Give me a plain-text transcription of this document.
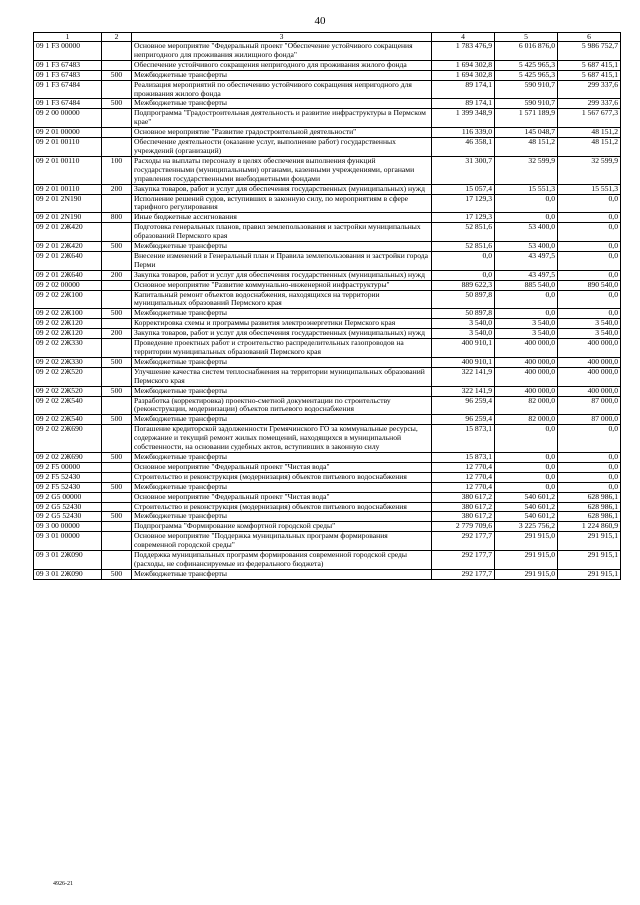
40
1	2	3	4	5	6
09 1 F3 00000		Основное мероприятие "Федеральный проект "Обеспечение устойчивого сокращения непригодного для проживания жилищного фонда"	1 783 476,9	6 016 876,0	5 986 752,7
09 1 F3 67483		Обеспечение устойчивого сокращения непригодного для проживания жилого фонда	1 694 302,8	5 425 965,3	5 687 415,1
09 1 F3 67483	500	Межбюджетные трансферты	1 694 302,8	5 425 965,3	5 687 415,1
09 1 F3 67484		Реализация мероприятий по обеспечению устойчивого сокращения непригодного для проживания жилого фонда	89 174,1	590 910,7	299 337,6
09 1 F3 67484	500	Межбюджетные трансферты	89 174,1	590 910,7	299 337,6
09 2 00 00000		Подпрограмма "Градостроительная деятельность и развитие инфраструктуры в Пермском крае"	1 399 348,9	1 571 189,9	1 567 677,3
09 2 01 00000		Основное мероприятие "Развитие градостроительной деятельности"	116 339,0	145 048,7	48 151,2
09 2 01 00110		Обеспечение деятельности (оказание услуг, выполнение работ) государственных учреждений (организаций)	46 358,1	48 151,2	48 151,2
09 2 01 00110	100	Расходы на выплаты персоналу в целях обеспечения выполнения функций государственными (муниципальными) органами, казенными учреждениями, органами управления государственными внебюджетными фондами	31 300,7	32 599,9	32 599,9
09 2 01 00110	200	Закупка товаров, работ и услуг для обеспечения государственных (муниципальных) нужд	15 057,4	15 551,3	15 551,3
09 2 01 2N190		Исполнение решений судов, вступивших в законную силу, по мероприятиям в сфере тарифного регулирования	17 129,3	0,0	0,0
09 2 01 2N190	800	Иные бюджетные ассигнования	17 129,3	0,0	0,0
09 2 01 2Ж420		Подготовка генеральных планов, правил землепользования и застройки муниципальных образований Пермского края	52 851,6	53 400,0	0,0
09 2 01 2Ж420	500	Межбюджетные трансферты	52 851,6	53 400,0	0,0
09 2 01 2Ж640		Внесение изменений в Генеральный план и Правила землепользования и застройки города Перми	0,0	43 497,5	0,0
09 2 01 2Ж640	200	Закупка товаров, работ и услуг для обеспечения государственных (муниципальных) нужд	0,0	43 497,5	0,0
09 2 02 00000		Основное мероприятие "Развитие коммунально-инженерной инфраструктуры"	889 622,3	885 540,0	890 540,0
09 2 02 2Ж100		Капитальный ремонт объектов водоснабжения, находящихся на территории муниципальных образований Пермского края	50 897,8	0,0	0,0
09 2 02 2Ж100	500	Межбюджетные трансферты	50 897,8	0,0	0,0
09 2 02 2Ж120		Корректировка схемы и программы развития электроэнергетики Пермского края	3 540,0	3 540,0	3 540,0
09 2 02 2Ж120	200	Закупка товаров, работ и услуг для обеспечения государственных (муниципальных) нужд	3 540,0	3 540,0	3 540,0
09 2 02 2Ж330		Проведение проектных работ и строительство распределительных газопроводов на территории муниципальных образований Пермского края	400 910,1	400 000,0	400 000,0
09 2 02 2Ж330	500	Межбюджетные трансферты	400 910,1	400 000,0	400 000,0
09 2 02 2Ж520		Улучшение качества систем теплоснабжения на территории муниципальных образований Пермского края	322 141,9	400 000,0	400 000,0
09 2 02 2Ж520	500	Межбюджетные трансферты	322 141,9	400 000,0	400 000,0
09 2 02 2Ж540		Разработка (корректировка) проектно-сметной документации по строительству (реконструкции, модернизации) объектов питьевого водоснабжения	96 259,4	82 000,0	87 000,0
09 2 02 2Ж540	500	Межбюджетные трансферты	96 259,4	82 000,0	87 000,0
09 2 02 2Ж690		Погашение кредиторской задолженности Гремячинского ГО за коммунальные ресурсы, содержание и текущий ремонт жилых помещений, находящихся в муниципальной собственности, на основании судебных актов, вступивших в законную силу	15 873,1	0,0	0,0
09 2 02 2Ж690	500	Межбюджетные трансферты	15 873,1	0,0	0,0
09 2 F5 00000		Основное мероприятие "Федеральный проект "Чистая вода"	12 770,4	0,0	0,0
09 2 F5 52430		Строительство и реконструкция (модернизация) объектов питьевого водоснабжения	12 770,4	0,0	0,0
09 2 F5 52430	500	Межбюджетные трансферты	12 770,4	0,0	0,0
09 2 G5 00000		Основное мероприятие "Федеральный проект "Чистая вода"	380 617,2	540 601,2	628 986,1
09 2 G5 52430		Строительство и реконструкция (модернизация) объектов питьевого водоснабжения	380 617,2	540 601,2	628 986,1
09 2 G5 52430	500	Межбюджетные трансферты	380 617,2	540 601,2	628 986,1
09 3 00 00000		Подпрограмма "Формирование комфортной городской среды"	2 779 709,6	3 225 756,2	1 224 860,9
09 3 01 00000		Основное мероприятие "Поддержка муниципальных программ формирования современной городской среды"	292 177,7	291 915,0	291 915,1
09 3 01 2Ж090		Поддержка муниципальных программ формирования современной городской среды (расходы, не софинансируемые из федерального бюджета)	292 177,7	291 915,0	291 915,1
09 3 01 2Ж090	500	Межбюджетные трансферты	292 177,7	291 915,0	291 915,1
4926-21
